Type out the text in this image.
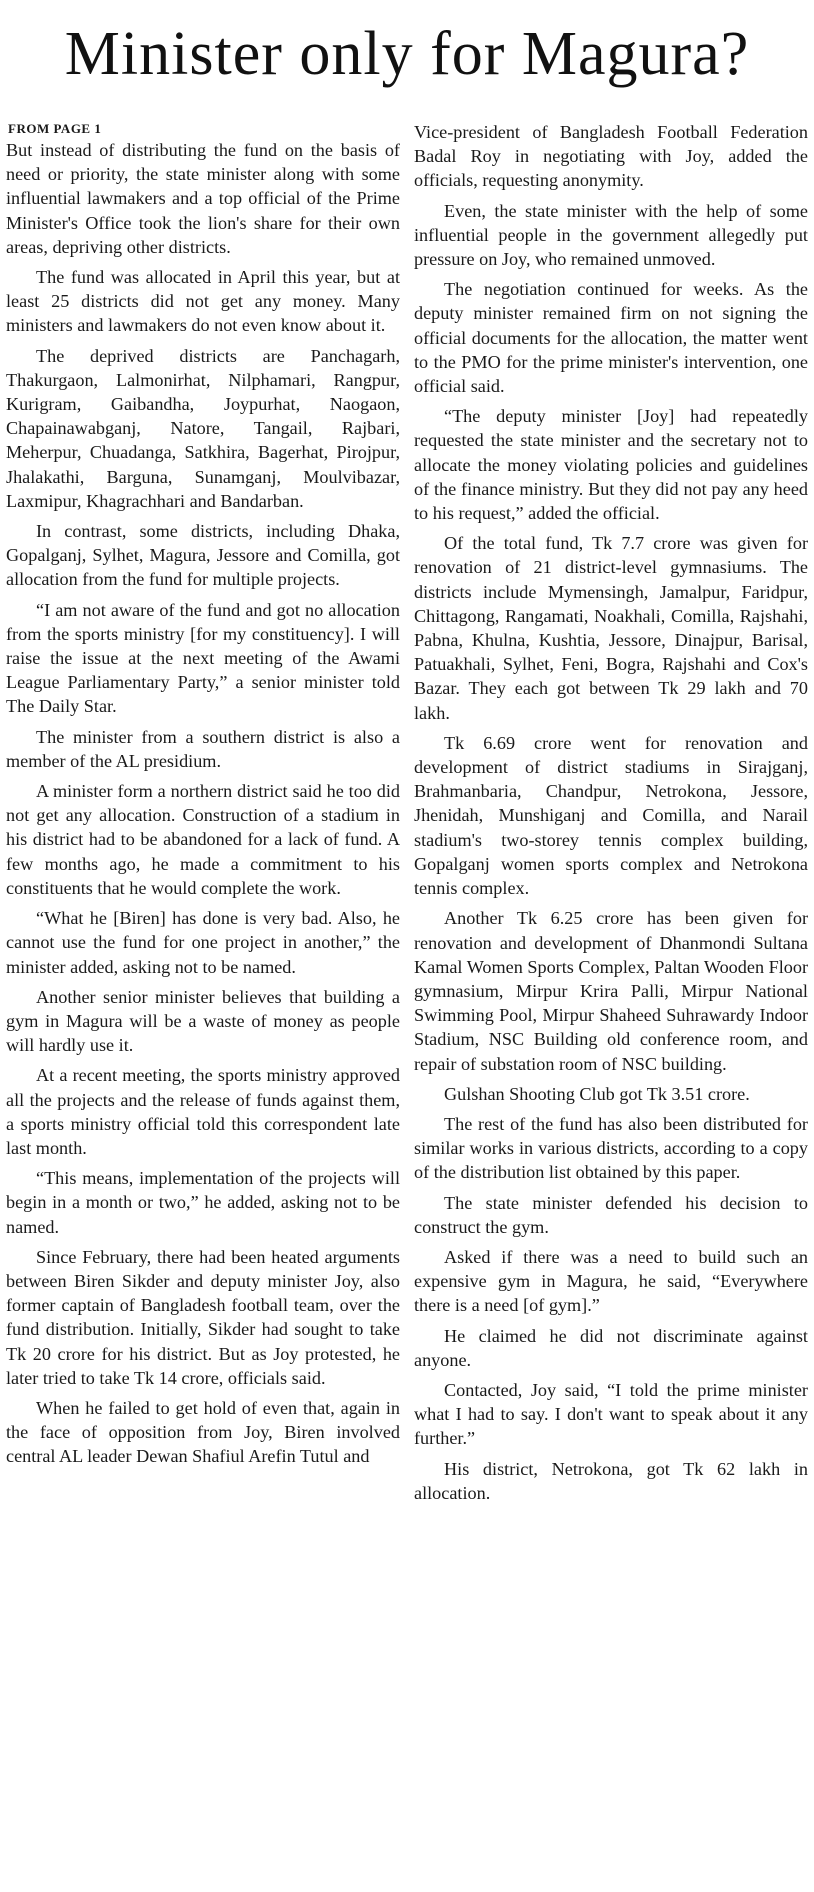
Minister only for Magura?
FROM PAGE 1

But instead of distributing the fund on the basis of need or priority, the state minister along with some influential lawmakers and a top official of the Prime Minister's Office took the lion's share for their own areas, depriving other districts.

The fund was allocated in April this year, but at least 25 districts did not get any money. Many ministers and lawmakers do not even know about it.

The deprived districts are Panchagarh, Thakurgaon, Lalmonirhat, Nilphamari, Rangpur, Kurigram, Gaibandha, Joypurhat, Naogaon, Chapainawabganj, Natore, Tangail, Rajbari, Meherpur, Chuadanga, Satkhira, Bagerhat, Pirojpur, Jhalakathi, Barguna, Sunamganj, Moulvibazar, Laxmipur, Khagrachhari and Bandarban.

In contrast, some districts, including Dhaka, Gopalganj, Sylhet, Magura, Jessore and Comilla, got allocation from the fund for multiple projects.

“I am not aware of the fund and got no allocation from the sports ministry [for my constituency]. I will raise the issue at the next meeting of the Awami League Parliamentary Party,” a senior minister told The Daily Star.

The minister from a southern district is also a member of the AL presidium.

A minister form a northern district said he too did not get any allocation. Construction of a stadium in his district had to be abandoned for a lack of fund. A few months ago, he made a commitment to his constituents that he would complete the work.

“What he [Biren] has done is very bad. Also, he cannot use the fund for one project in another,” the minister added, asking not to be named.

Another senior minister believes that building a gym in Magura will be a waste of money as people will hardly use it.

At a recent meeting, the sports ministry approved all the projects and the release of funds against them, a sports ministry official told this correspondent late last month.

“This means, implementation of the projects will begin in a month or two,” he added, asking not to be named.

Since February, there had been heated arguments between Biren Sikder and deputy minister Joy, also former captain of Bangladesh football team, over the fund distribution. Initially, Sikder had sought to take Tk 20 crore for his district. But as Joy protested, he later tried to take Tk 14 crore, officials said.

When he failed to get hold of even that, again in the face of opposition from Joy, Biren involved central AL leader Dewan Shafiul Arefin Tutul and

Vice-president of Bangladesh Football Federation Badal Roy in negotiating with Joy, added the officials, requesting anonymity.

Even, the state minister with the help of some influential people in the government allegedly put pressure on Joy, who remained unmoved.

The negotiation continued for weeks. As the deputy minister remained firm on not signing the official documents for the allocation, the matter went to the PMO for the prime minister's intervention, one official said.

“The deputy minister [Joy] had repeatedly requested the state minister and the secretary not to allocate the money violating policies and guidelines of the finance ministry. But they did not pay any heed to his request,” added the official.

Of the total fund, Tk 7.7 crore was given for renovation of 21 district-level gymnasiums. The districts include Mymensingh, Jamalpur, Faridpur, Chittagong, Rangamati, Noakhali, Comilla, Rajshahi, Pabna, Khulna, Kushtia, Jessore, Dinajpur, Barisal, Patuakhali, Sylhet, Feni, Bogra, Rajshahi and Cox's Bazar. They each got between Tk 29 lakh and 70 lakh.

Tk 6.69 crore went for renovation and development of district stadiums in Sirajganj, Brahmanbaria, Chandpur, Netrokona, Jessore, Jhenidah, Munshiganj and Comilla, and Narail stadium's two-storey tennis complex building, Gopalganj women sports complex and Netrokona tennis complex.

Another Tk 6.25 crore has been given for renovation and development of Dhanmondi Sultana Kamal Women Sports Complex, Paltan Wooden Floor gymnasium, Mirpur Krira Palli, Mirpur National Swimming Pool, Mirpur Shaheed Suhrawardy Indoor Stadium, NSC Building old conference room, and repair of substation room of NSC building.

Gulshan Shooting Club got Tk 3.51 crore.

The rest of the fund has also been distributed for similar works in various districts, according to a copy of the distribution list obtained by this paper.

The state minister defended his decision to construct the gym.

Asked if there was a need to build such an expensive gym in Magura, he said, “Everywhere there is a need [of gym].”

He claimed he did not discriminate against anyone.

Contacted, Joy said, “I told the prime minister what I had to say. I don't want to speak about it any further.”

His district, Netrokona, got Tk 62 lakh in allocation.
